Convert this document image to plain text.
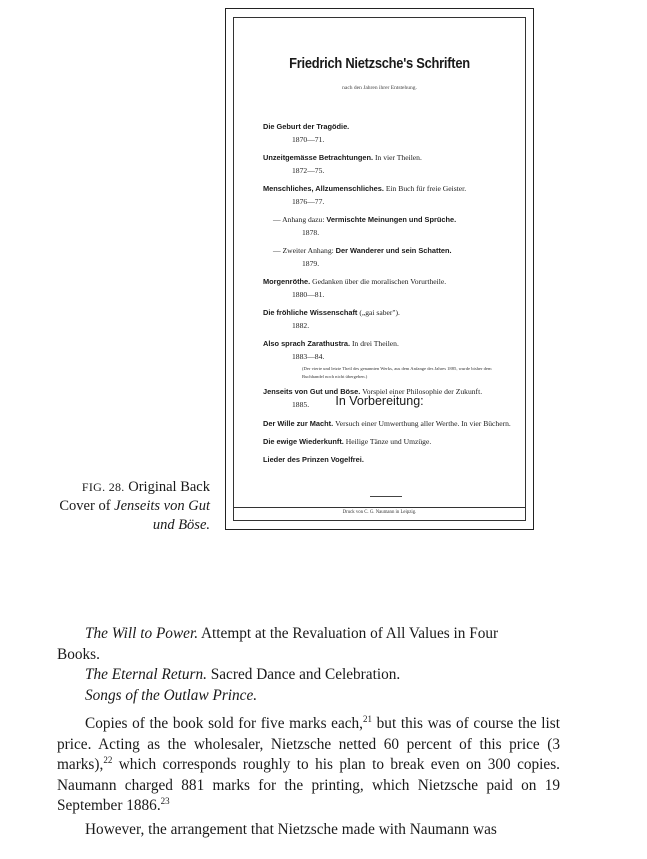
FIG. 28. Original Back
Cover of Jenseits von Gut
und Böse.
Friedrich Nietzsche's Schriften
nach den Jahren ihrer Entstehung.
Die Geburt der Tragödie.
1870—71.
Unzeitgemässe Betrachtungen. In vier Theilen.
1872—75.
Menschliches, Allzumenschliches. Ein Buch für freie Geister.
1876—77.
— Anhang dazu: Vermischte Meinungen und Sprüche.
1878.
— Zweiter Anhang: Der Wanderer und sein Schatten.
1879.
Morgenröthe. Gedanken über die moralischen Vorurtheile.
1880—81.
Die fröhliche Wissenschaft („gai saber").
1882.
Also sprach Zarathustra. In drei Theilen.
1883—84.
(Der vierte und letzte Theil des genannten Werks, aus dem Anfange des Jahres 1885, wurde bisher dem Buchhandel noch nicht übergeben.)
Jenseits von Gut und Böse. Vorspiel einer Philosophie der Zukunft.
1885.	In Vorbereitung:
Der Wille zur Macht. Versuch einer Umwerthung aller Werthe. In vier Büchern.
Die ewige Wiederkunft. Heilige Tänze und Umzüge.
Lieder des Prinzen Vogelfrei.
Druck von C. G. Naumann in Leipzig.

The Will to Power. Attempt at the Revaluation of All Values in Four

Books.

The Eternal Return. Sacred Dance and Celebration.

Songs of the Outlaw Prince.

Copies of the book sold for five marks each,$^{21}$ but this was of course the list price. Acting as the wholesaler, Nietzsche netted 60 percent of this price (3 marks),$^{22}$ which corresponds roughly to his plan to break even on 300 copies. Naumann charged 881 marks for the printing, which Nietzsche paid on 19 September 1886.23

However, the arrangement that Nietzsche made with Naumann was
